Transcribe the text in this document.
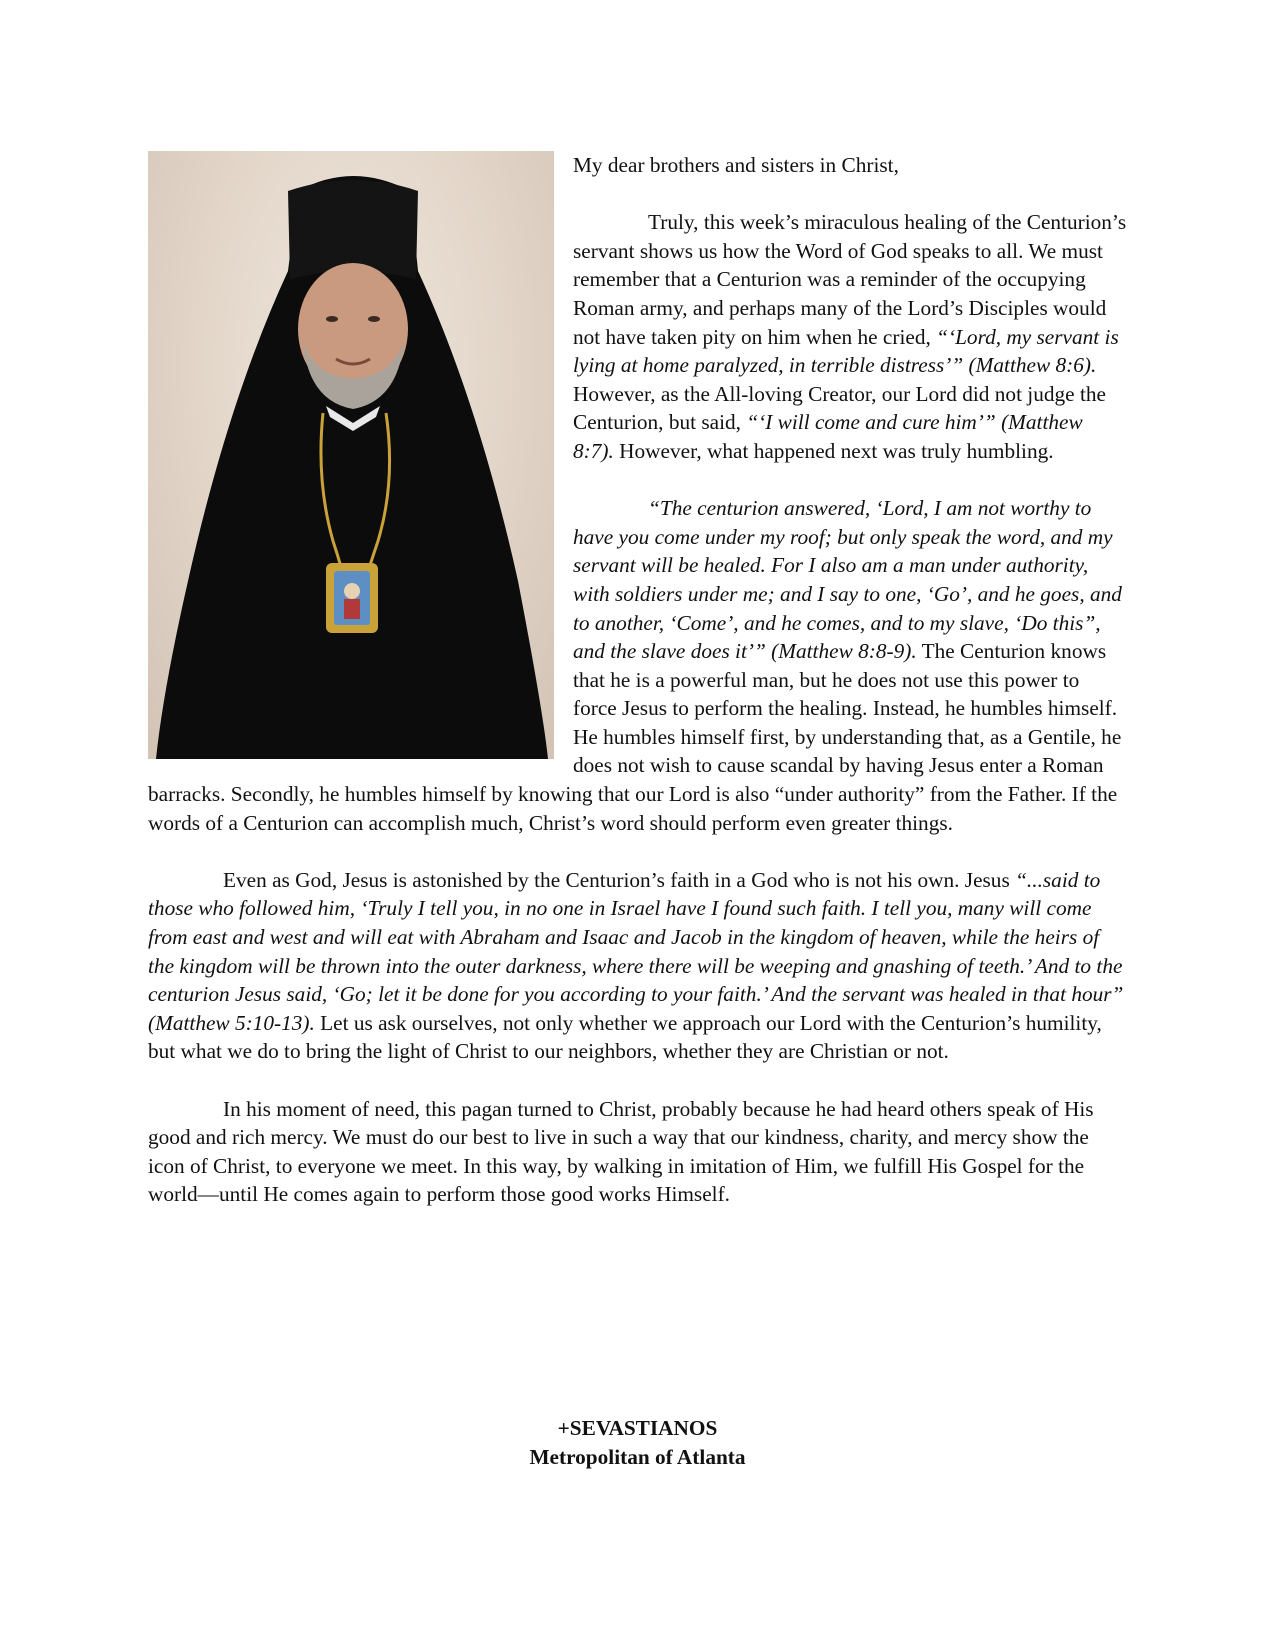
My dear brothers and sisters in Christ,

Truly, this week’s miraculous healing of the Centurion’s servant shows us how the Word of God speaks to all. We must remember that a Centurion was a reminder of the occupying Roman army, and perhaps many of the Lord’s Disciples would not have taken pity on him when he cried, “‘Lord, my servant is lying at home paralyzed, in terrible distress’” (Matthew 8:6). However, as the All-loving Creator, our Lord did not judge the Centurion, but said, “‘I will come and cure him’” (Matthew 8:7). However, what happened next was truly humbling.

“The centurion answered, ‘Lord, I am not worthy to have you come under my roof; but only speak the word, and my servant will be healed. For I also am a man under authority, with soldiers under me; and I say to one, ‘Go’, and he goes, and to another, ‘Come’, and he comes, and to my slave, ‘Do this”, and the slave does it’” (Matthew 8:8-9). The Centurion knows that he is a powerful man, but he does not use this power to force Jesus to perform the healing. Instead, he humbles himself. He humbles himself first, by understanding that, as a Gentile, he does not wish to cause scandal by having Jesus enter a Roman barracks. Secondly, he humbles himself by knowing that our Lord is also “under authority” from the Father. If the words of a Centurion can accomplish much, Christ’s word should perform even greater things.

Even as God, Jesus is astonished by the Centurion’s faith in a God who is not his own. Jesus “...said to those who followed him, ‘Truly I tell you, in no one in Israel have I found such faith. I tell you, many will come from east and west and will eat with Abraham and Isaac and Jacob in the kingdom of heaven, while the heirs of the kingdom will be thrown into the outer darkness, where there will be weeping and gnashing of teeth.’ And to the centurion Jesus said, ‘Go; let it be done for you according to your faith.’ And the servant was healed in that hour” (Matthew 5:10-13). Let us ask ourselves, not only whether we approach our Lord with the Centurion’s humility, but what we do to bring the light of Christ to our neighbors, whether they are Christian or not.

In his moment of need, this pagan turned to Christ, probably because he had heard others speak of His good and rich mercy. We must do our best to live in such a way that our kindness, charity, and mercy show the icon of Christ, to everyone we meet. In this way, by walking in imitation of Him, we fulfill His Gospel for the world—until He comes again to perform those good works Himself.

+SEVASTIANOS
Metropolitan of Atlanta
